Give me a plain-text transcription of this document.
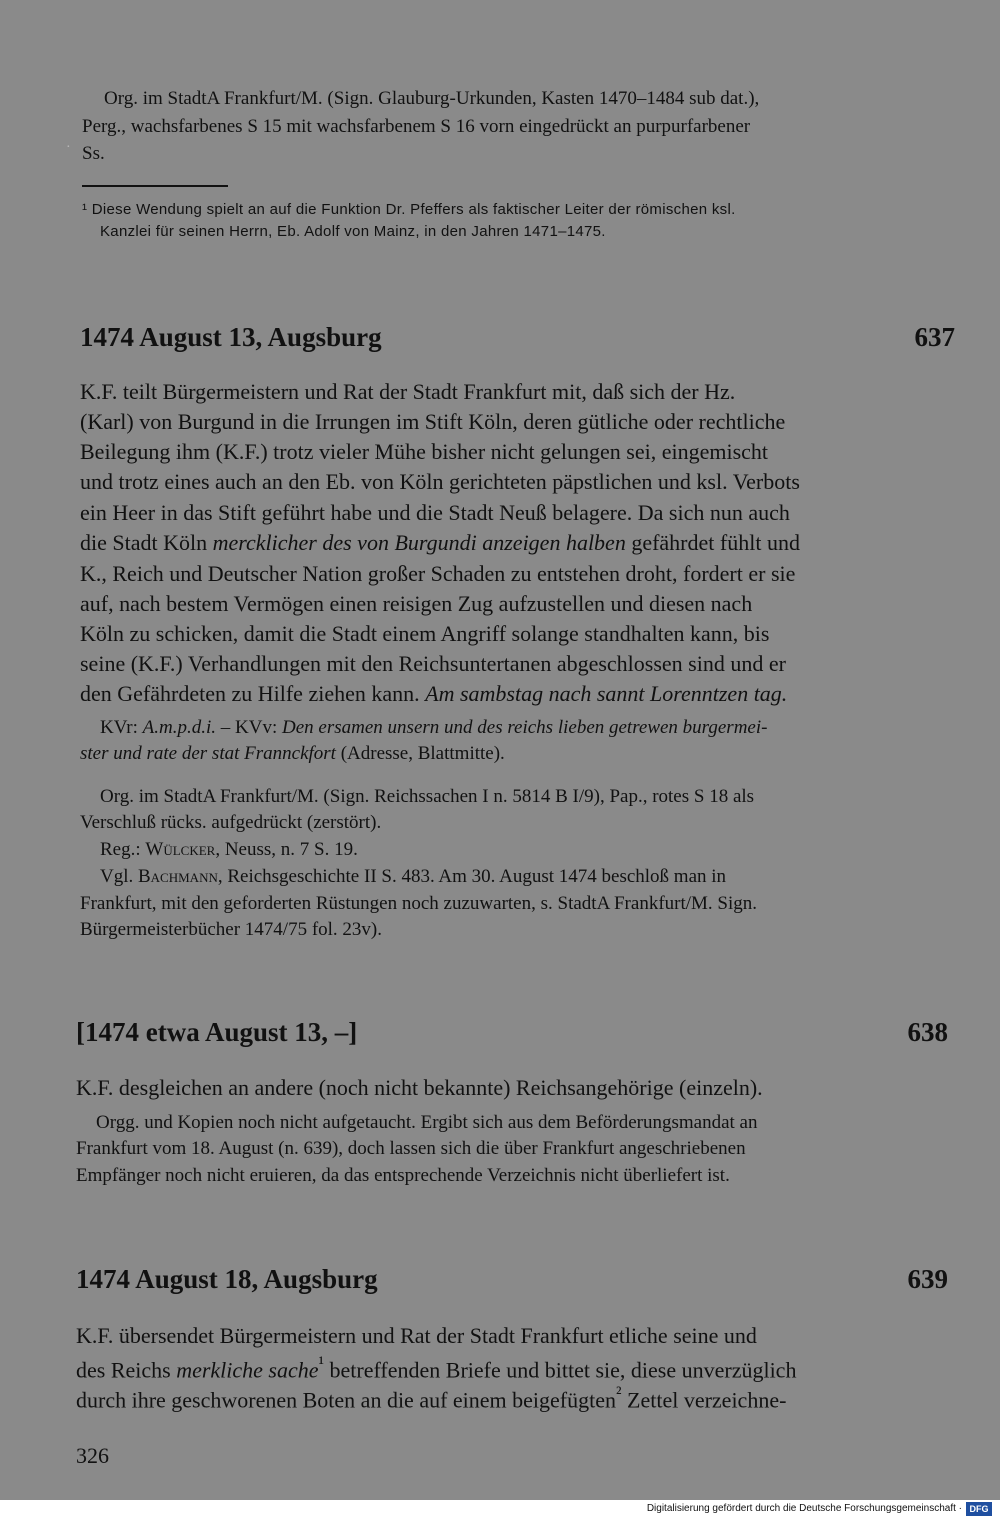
Org. im StadtA Frankfurt/M. (Sign. Glauburg-Urkunden, Kasten 1470–1484 sub dat.),
Perg., wachsfarbenes S 15 mit wachsfarbenem S 16 vorn eingedrückt an purpurfarbener
Ss.
·
¹ Diese Wendung spielt an auf die Funktion Dr. Pfeffers als faktischer Leiter der römischen ksl.
Kanzlei für seinen Herrn, Eb. Adolf von Mainz, in den Jahren 1471–1475.
1474 August 13, Augsburg	637
K.F. teilt Bürgermeistern und Rat der Stadt Frankfurt mit, daß sich der Hz.
(Karl) von Burgund in die Irrungen im Stift Köln, deren gütliche oder rechtliche
Beilegung ihm (K.F.) trotz vieler Mühe bisher nicht gelungen sei, eingemischt
und trotz eines auch an den Eb. von Köln gerichteten päpstlichen und ksl. Verbots
ein Heer in das Stift geführt habe und die Stadt Neuß belagere. Da sich nun auch
die Stadt Köln mercklicher des von Burgundi anzeigen halben gefährdet fühlt und
K., Reich und Deutscher Nation großer Schaden zu entstehen droht, fordert er sie
auf, nach bestem Vermögen einen reisigen Zug aufzustellen und diesen nach
Köln zu schicken, damit die Stadt einem Angriff solange standhalten kann, bis
seine (K.F.) Verhandlungen mit den Reichsuntertanen abgeschlossen sind und er
den Gefährdeten zu Hilfe ziehen kann. Am sambstag nach sannt Lorenntzen tag.
KVr: A.m.p.d.i. – KVv: Den ersamen unsern und des reichs lieben getrewen burgermei-
ster und rate der stat Frannckfort (Adresse, Blattmitte).
Org. im StadtA Frankfurt/M. (Sign. Reichssachen I n. 5814 B I/9), Pap., rotes S 18 als
Verschluß rücks. aufgedrückt (zerstört).
Reg.: Wülcker, Neuss, n. 7 S. 19.
Vgl. Bachmann, Reichsgeschichte II S. 483. Am 30. August 1474 beschloß man in
Frankfurt, mit den geforderten Rüstungen noch zuzuwarten, s. StadtA Frankfurt/M. Sign.
Bürgermeisterbücher 1474/75 fol. 23v).
[1474 etwa August 13, –]	638
K.F. desgleichen an andere (noch nicht bekannte) Reichsangehörige (einzeln).
Orgg. und Kopien noch nicht aufgetaucht. Ergibt sich aus dem Beförderungsmandat an
Frankfurt vom 18. August (n. 639), doch lassen sich die über Frankfurt angeschriebenen
Empfänger noch nicht eruieren, da das entsprechende Verzeichnis nicht überliefert ist.
1474 August 18, Augsburg	639
K.F. übersendet Bürgermeistern und Rat der Stadt Frankfurt etliche seine und
des Reichs merkliche sache$^{^1}$ betreffenden Briefe und bittet sie, diese unverzüglich
durch ihre geschworenen Boten an die auf einem beigefügten$^{^2}$ Zettel verzeichne-
326
Digitalisierung gefördert durch die Deutsche Forschungsgemeinschaft · DFG
